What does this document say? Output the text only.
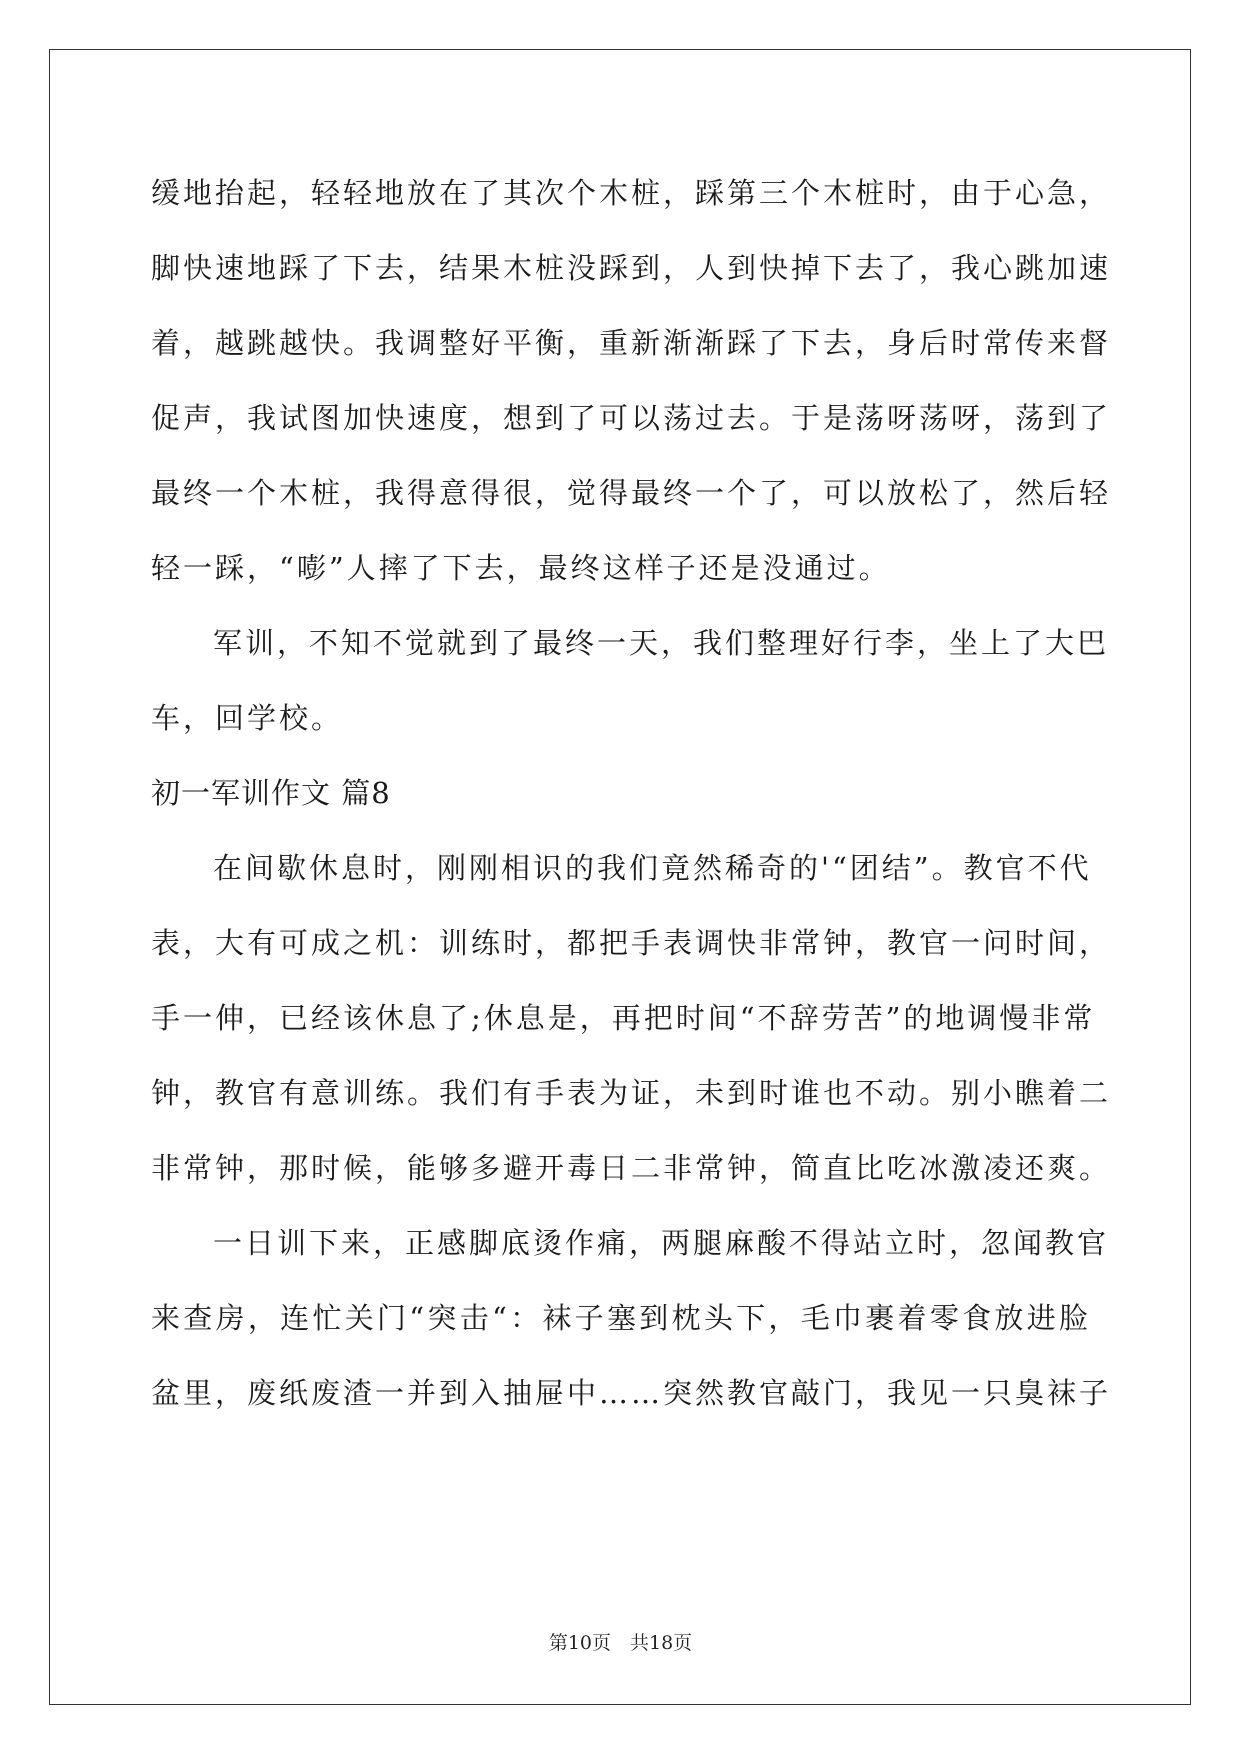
缓地抬起，轻轻地放在了其次个木桩，踩第三个木桩时，由于心急，
脚快速地踩了下去，结果木桩没踩到，人到快掉下去了，我心跳加速
着，越跳越快。我调整好平衡，重新渐渐踩了下去，身后时常传来督
促声，我试图加快速度，想到了可以荡过去。于是荡呀荡呀，荡到了
最终一个木桩，我得意得很，觉得最终一个了，可以放松了，然后轻
轻一踩，“嘭”人摔了下去，最终这样子还是没通过。
军训，不知不觉就到了最终一天，我们整理好行李，坐上了大巴
车，回学校。
初一军训作文 篇8
在间歇休息时，刚刚相识的我们竟然稀奇的'“团结”。教官不代
表，大有可成之机：训练时，都把手表调快非常钟，教官一问时间，
手一伸，已经该休息了;休息是，再把时间“不辞劳苦”的地调慢非常
钟，教官有意训练。我们有手表为证，未到时谁也不动。别小瞧着二
非常钟，那时候，能够多避开毒日二非常钟，简直比吃冰激凌还爽。
一日训下来，正感脚底烫作痛，两腿麻酸不得站立时，忽闻教官
来查房，连忙关门“突击“：袜子塞到枕头下，毛巾裹着零食放进脸
盆里，废纸废渣一并到入抽屉中……突然教官敲门，我见一只臭袜子
第10页　共18页
